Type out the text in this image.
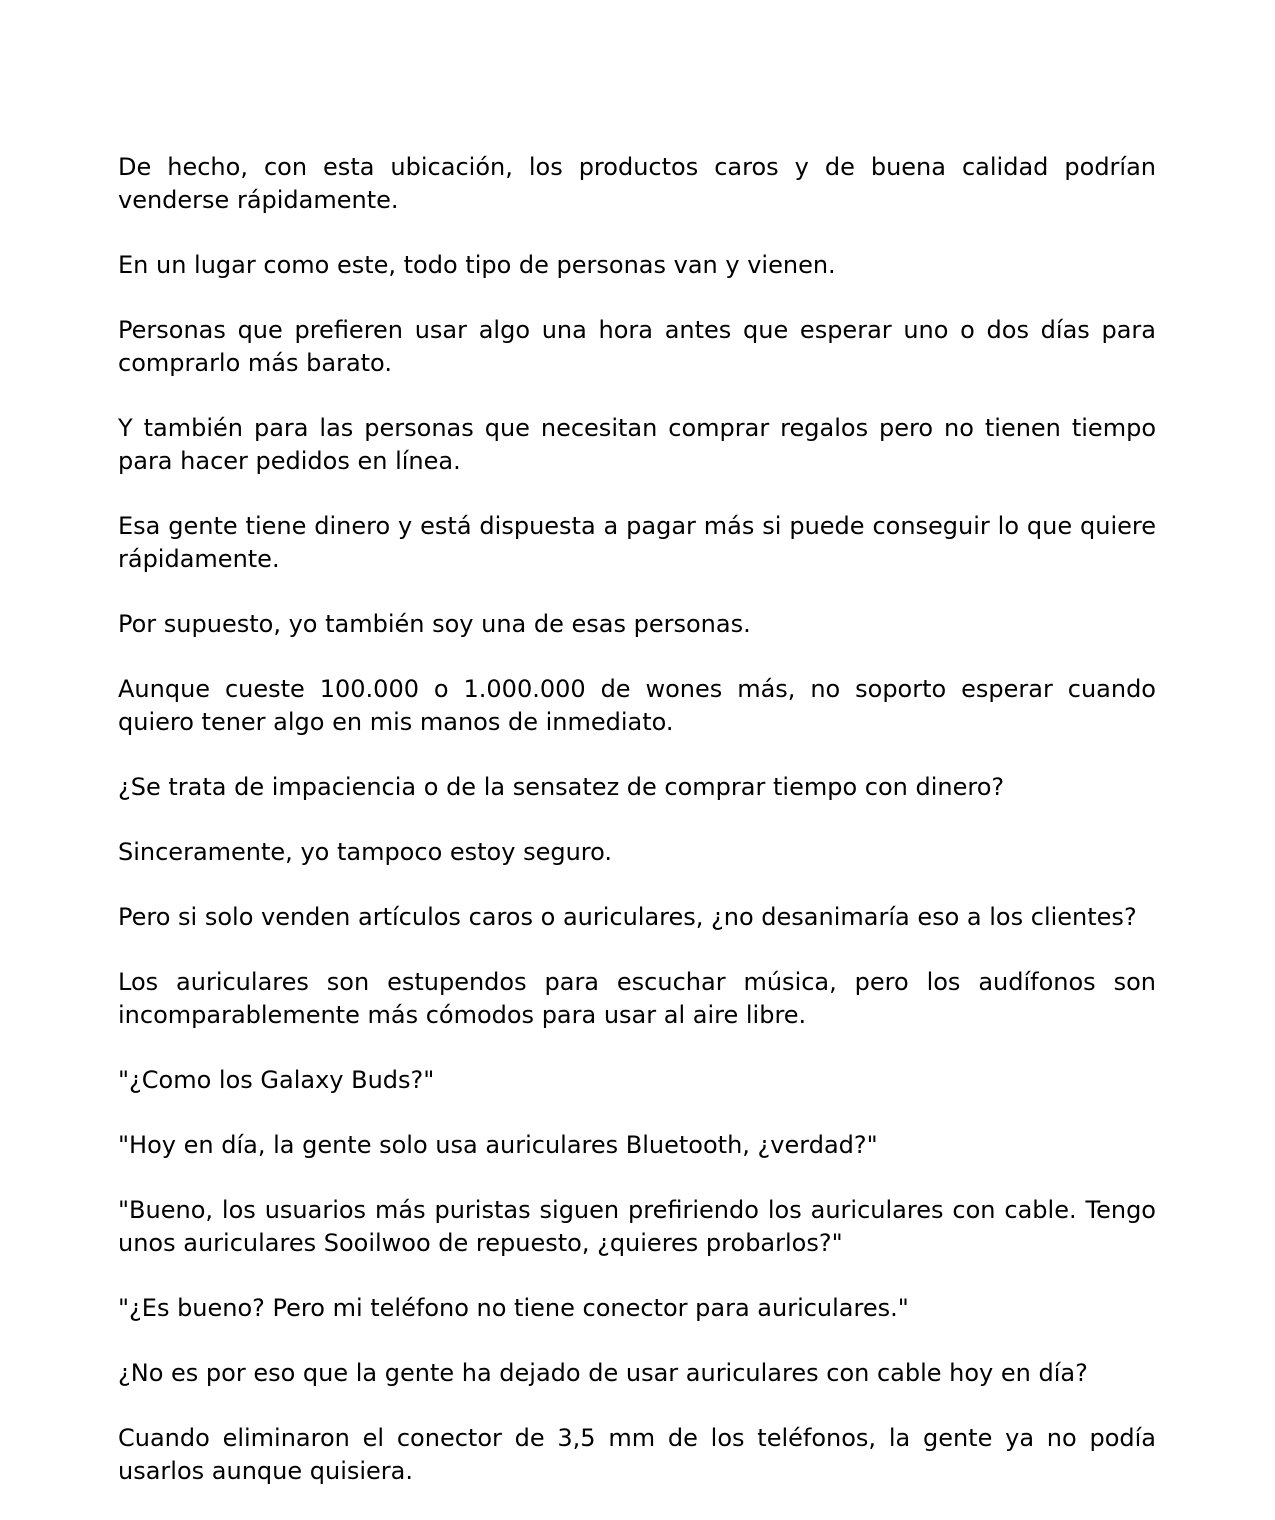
De hecho, con esta ubicación, los productos caros y de buena calidad podrían venderse rápidamente.

En un lugar como este, todo tipo de personas van y vienen.

Personas que prefieren usar algo una hora antes que esperar uno o dos días para comprarlo más barato.

Y también para las personas que necesitan comprar regalos pero no tienen tiempo para hacer pedidos en línea.

Esa gente tiene dinero y está dispuesta a pagar más si puede conseguir lo que quiere rápidamente.

Por supuesto, yo también soy una de esas personas.

Aunque cueste 100.000 o 1.000.000 de wones más, no soporto esperar cuando quiero tener algo en mis manos de inmediato.

¿Se trata de impaciencia o de la sensatez de comprar tiempo con dinero?

Sinceramente, yo tampoco estoy seguro.

Pero si solo venden artículos caros o auriculares, ¿no desanimaría eso a los clientes?

Los auriculares son estupendos para escuchar música, pero los audífonos son incomparablemente más cómodos para usar al aire libre.

"¿Como los Galaxy Buds?"

"Hoy en día, la gente solo usa auriculares Bluetooth, ¿verdad?"

"Bueno, los usuarios más puristas siguen prefiriendo los auriculares con cable. Tengo unos auriculares Sooilwoo de repuesto, ¿quieres probarlos?"

"¿Es bueno? Pero mi teléfono no tiene conector para auriculares."

¿No es por eso que la gente ha dejado de usar auriculares con cable hoy en día?

Cuando eliminaron el conector de 3,5 mm de los teléfonos, la gente ya no podía usarlos aunque quisiera.
